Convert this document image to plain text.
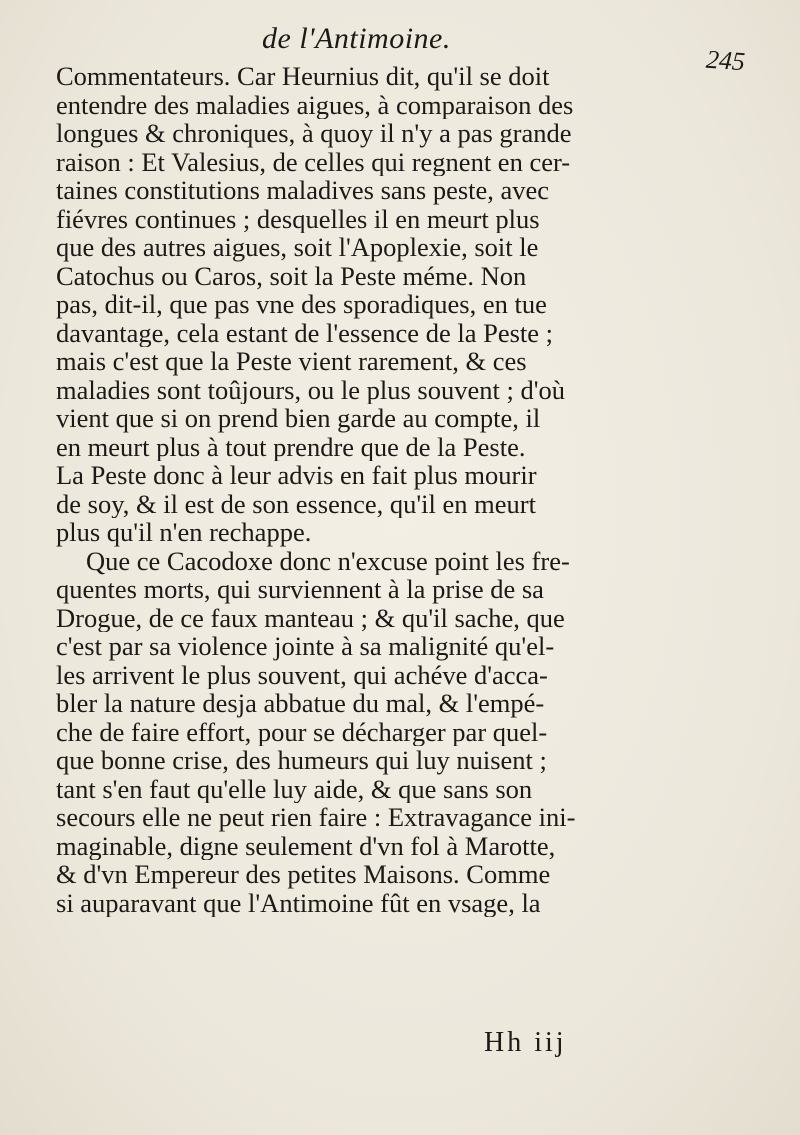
de l'Antimoine.
245
Commentateurs. Car Heurnius dit, qu'il se doit
entendre des maladies aigues, à comparaison des
longues & chroniques, à quoy il n'y a pas grande
raison : Et Valesius, de celles qui regnent en cer-
taines constitutions maladives sans peste, avec
fiévres continues ; desquelles il en meurt plus
que des autres aigues, soit l'Apoplexie, soit le
Catochus ou Caros, soit la Peste méme. Non
pas, dit-il, que pas vne des sporadiques, en tue
davantage, cela estant de l'essence de la Peste ;
mais c'est que la Peste vient rarement, & ces
maladies sont toûjours, ou le plus souvent ; d'où
vient que si on prend bien garde au compte, il
en meurt plus à tout prendre que de la Peste.
La Peste donc à leur advis en fait plus mourir
de soy, & il est de son essence, qu'il en meurt
plus qu'il n'en rechappe.
Que ce Cacodoxe donc n'excuse point les fre-
quentes morts, qui surviennent à la prise de sa
Drogue, de ce faux manteau ; & qu'il sache, que
c'est par sa violence jointe à sa malignité qu'el-
les arrivent le plus souvent, qui achéve d'acca-
bler la nature desja abbatue du mal, & l'empé-
che de faire effort, pour se décharger par quel-
que bonne crise, des humeurs qui luy nuisent ;
tant s'en faut qu'elle luy aide, & que sans son
secours elle ne peut rien faire : Extravagance ini-
maginable, digne seulement d'vn fol à Marotte,
& d'vn Empereur des petites Maisons. Comme
si auparavant que l'Antimoine fût en vsage, la
Hh iij
